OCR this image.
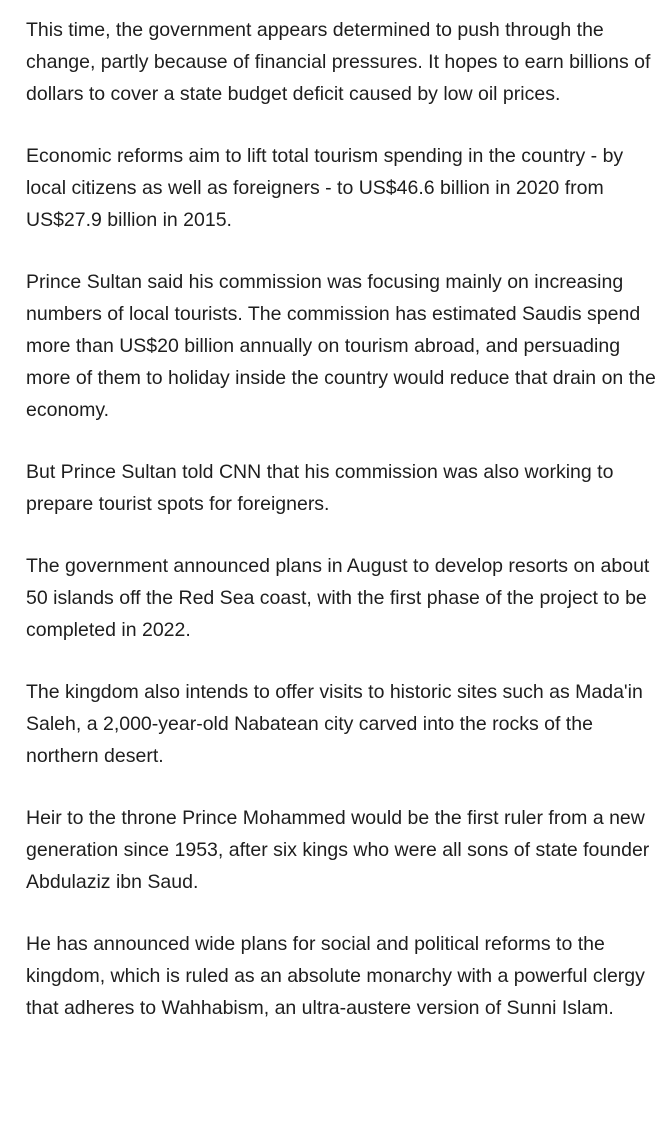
This time, the government appears determined to push through the change, partly because of financial pressures. It hopes to earn billions of dollars to cover a state budget deficit caused by low oil prices.

Economic reforms aim to lift total tourism spending in the country - by local citizens as well as foreigners - to US$46.6 billion in 2020 from US$27.9 billion in 2015.

Prince Sultan said his commission was focusing mainly on increasing numbers of local tourists. The commission has estimated Saudis spend more than US$20 billion annually on tourism abroad, and persuading more of them to holiday inside the country would reduce that drain on the economy.

But Prince Sultan told CNN that his commission was also working to prepare tourist spots for foreigners.

The government announced plans in August to develop resorts on about 50 islands off the Red Sea coast, with the first phase of the project to be completed in 2022.

The kingdom also intends to offer visits to historic sites such as Mada'in Saleh, a 2,000-year-old Nabatean city carved into the rocks of the northern desert.

Heir to the throne Prince Mohammed would be the first ruler from a new generation since 1953, after six kings who were all sons of state founder Abdulaziz ibn Saud.

He has announced wide plans for social and political reforms to the kingdom, which is ruled as an absolute monarchy with a powerful clergy that adheres to Wahhabism, an ultra-austere version of Sunni Islam.
